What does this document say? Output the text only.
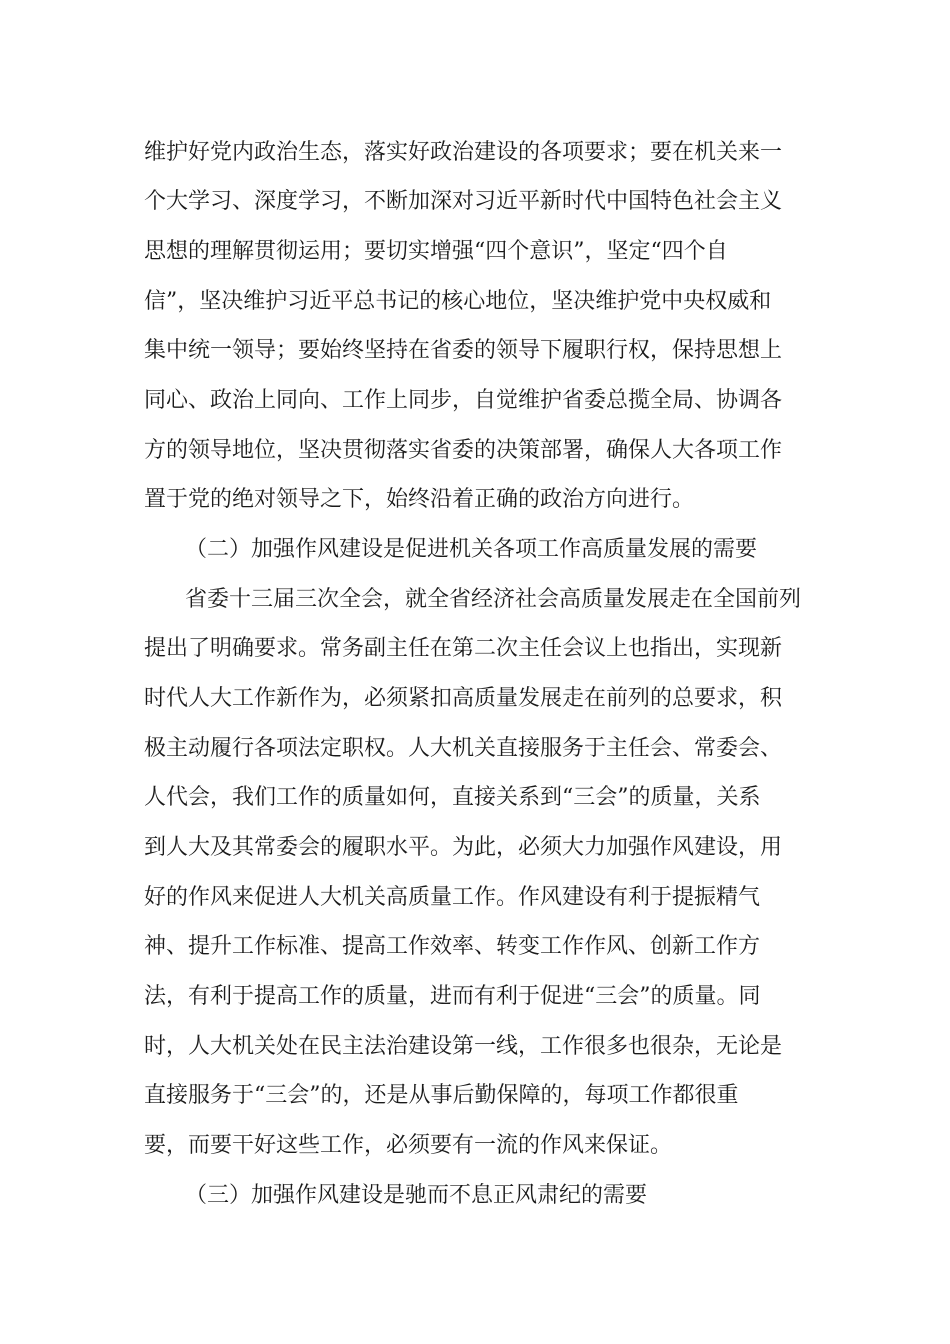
维护好党内政治生态，落实好政治建设的各项要求；要在机关来一
个大学习、深度学习，不断加深对习近平新时代中国特色社会主义
思想的理解贯彻运用；要切实增强“四个意识”，坚定“四个自
信”，坚决维护习近平总书记的核心地位，坚决维护党中央权威和
集中统一领导；要始终坚持在省委的领导下履职行权，保持思想上
同心、政治上同向、工作上同步，自觉维护省委总揽全局、协调各
方的领导地位，坚决贯彻落实省委的决策部署，确保人大各项工作
置于党的绝对领导之下，始终沿着正确的政治方向进行。
（二）加强作风建设是促进机关各项工作高质量发展的需要
省委十三届三次全会，就全省经济社会高质量发展走在全国前列
提出了明确要求。常务副主任在第二次主任会议上也指出，实现新
时代人大工作新作为，必须紧扣高质量发展走在前列的总要求，积
极主动履行各项法定职权。人大机关直接服务于主任会、常委会、
人代会，我们工作的质量如何，直接关系到“三会”的质量，关系
到人大及其常委会的履职水平。为此，必须大力加强作风建设，用
好的作风来促进人大机关高质量工作。作风建设有利于提振精气
神、提升工作标准、提高工作效率、转变工作作风、创新工作方
法，有利于提高工作的质量，进而有利于促进“三会”的质量。同
时，人大机关处在民主法治建设第一线，工作很多也很杂，无论是
直接服务于“三会”的，还是从事后勤保障的，每项工作都很重
要，而要干好这些工作，必须要有一流的作风来保证。
（三）加强作风建设是驰而不息正风肃纪的需要
